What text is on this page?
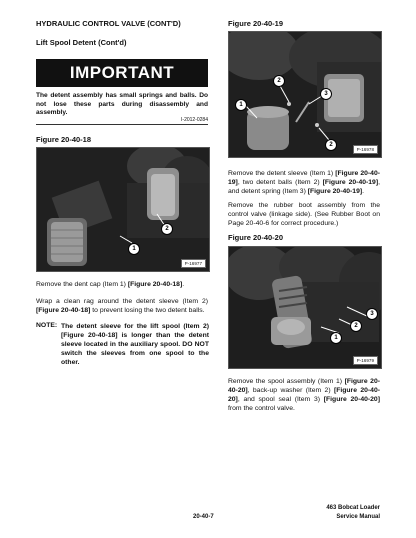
HYDRAULIC CONTROL VALVE (CONT'D)
Lift Spool Detent (Cont'd)
IMPORTANT
The detent assembly has small springs and balls. Do not lose these parts during disassembly and assembly.
I-2012-0284
Figure 20-40-18
1
2
P-16977
Remove the dent cap (Item 1) [Figure 20-40-18].
Wrap a clean rag around the detent sleeve (Item 2) [Figure 20-40-18] to prevent losing the two detent balls.
NOTE: The detent sleeve for the lift spool (Item 2) [Figure 20-40-18] is longer than the detent sleeve located in the auxiliary spool. DO NOT switch the sleeves from one spool to the other.
Figure 20-40-19
2
3
1
2
P-16978
Remove the detent sleeve (Item 1) [Figure 20-40-19], two detent balls (Item 2) [Figure 20-40-19], and detent spring (Item 3) [Figure 20-40-19].
Remove the rubber boot assembly from the control valve (linkage side). (See Rubber Boot on Page 20-40-6 for correct procedure.)
Figure 20-40-20
3
2
1
P-16979
Remove the spool assembly (Item 1) [Figure 20-40-20], back-up washer (Item 2) [Figure 20-40-20], and spool seal (Item 3) [Figure 20-40-20] from the control valve.
20-40-7
463 Bobcat Loader
Service Manual
